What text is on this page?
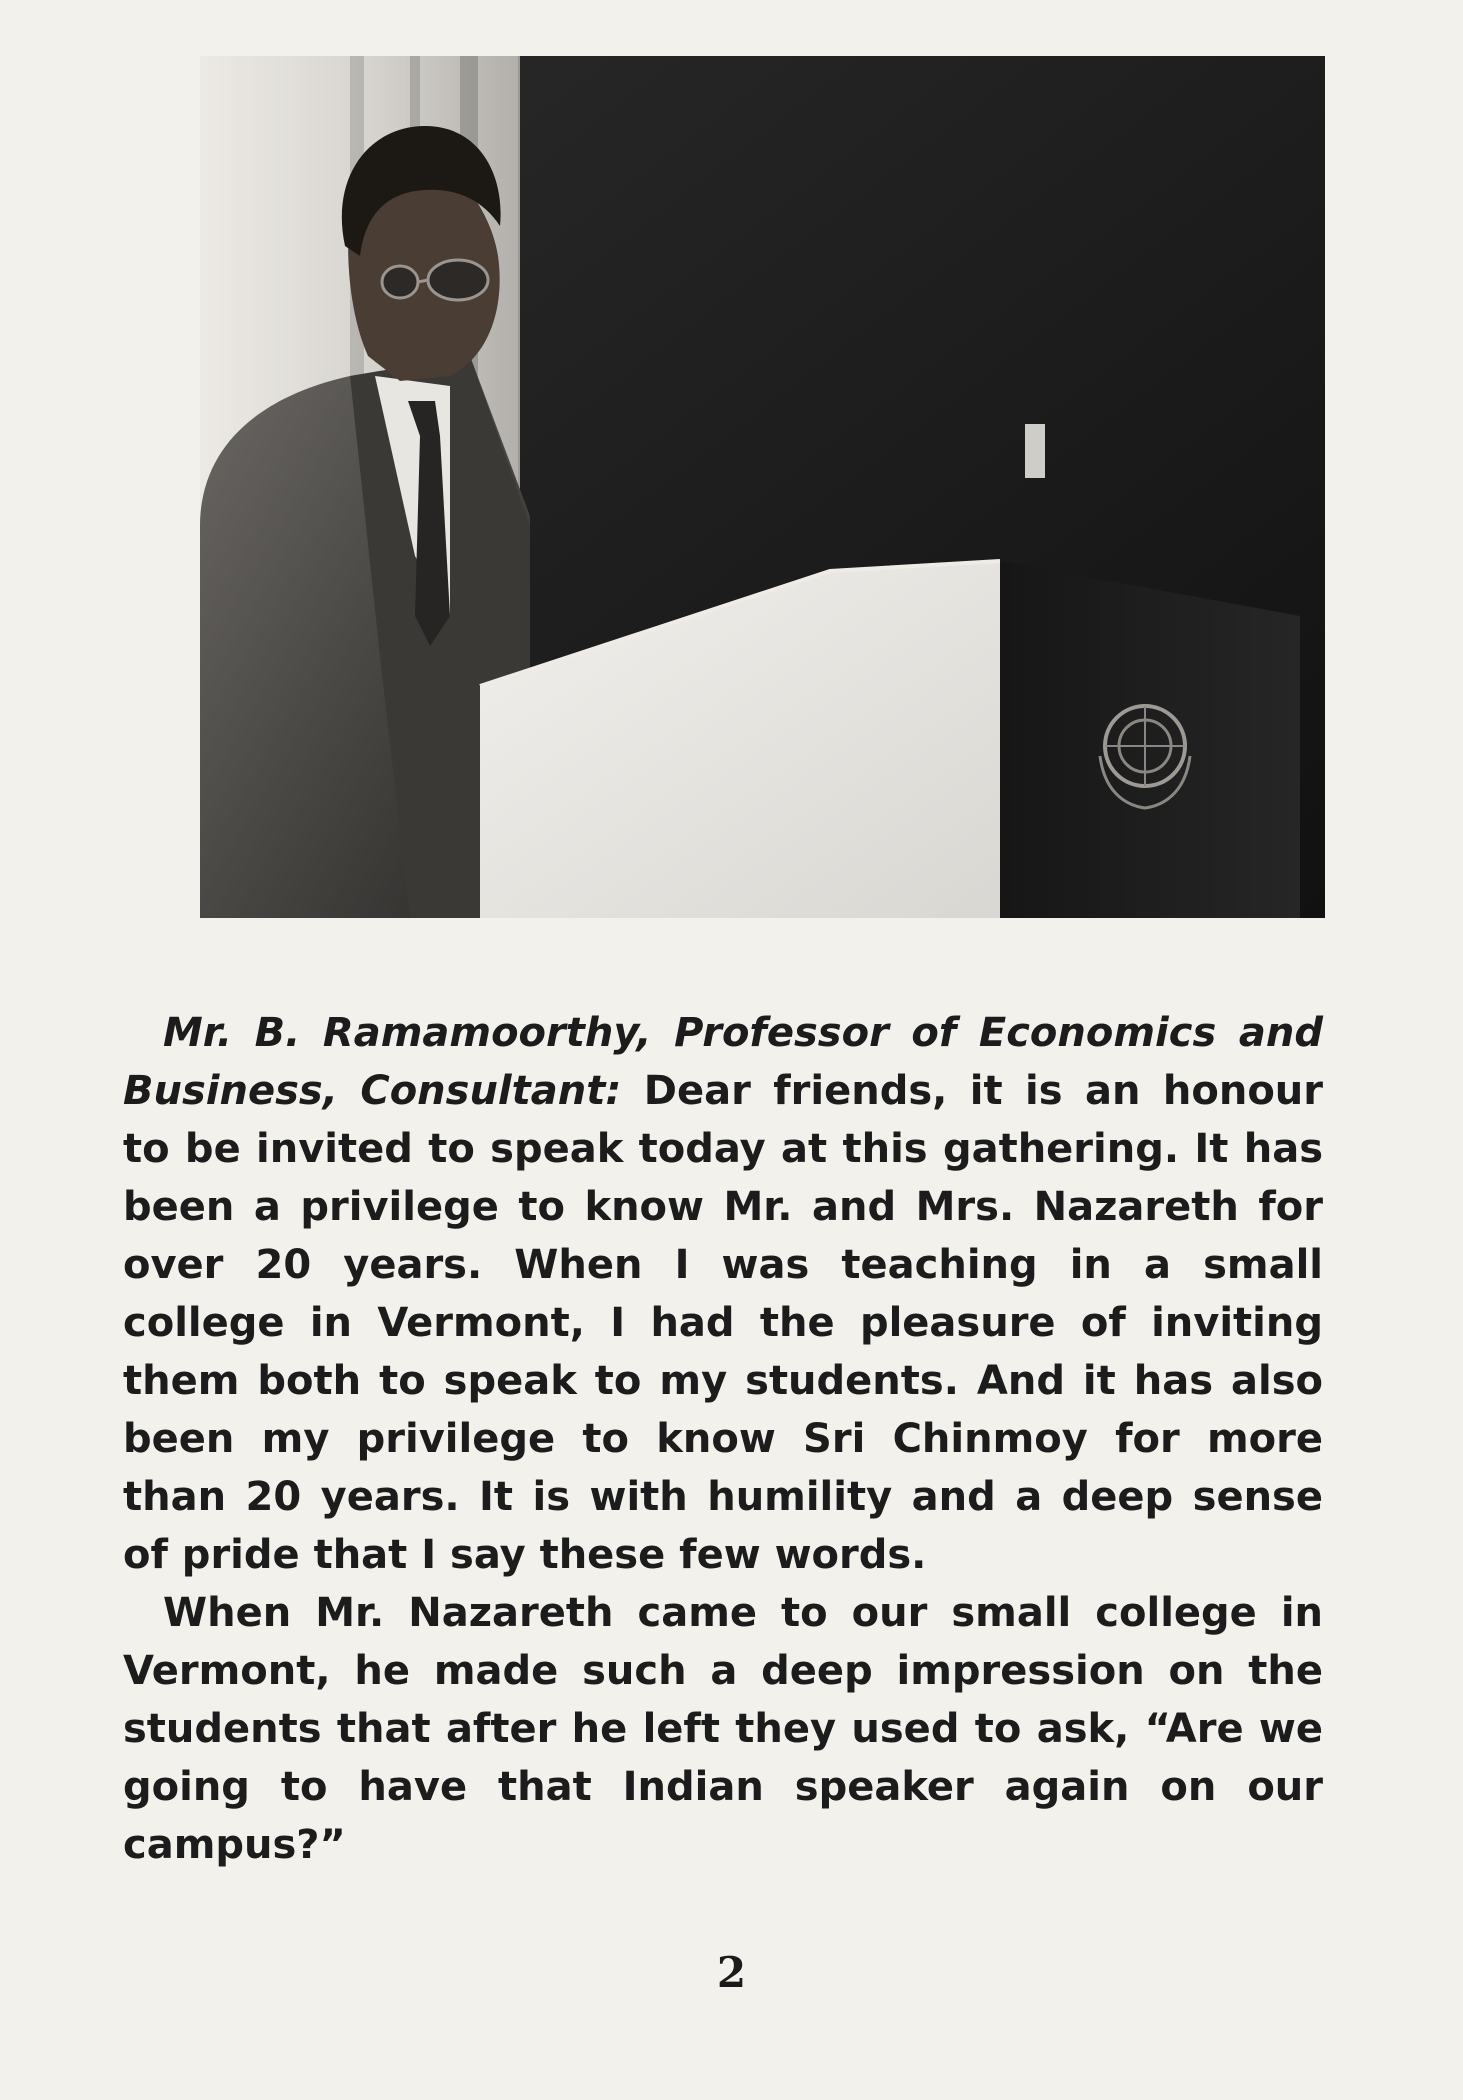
Mr. B. Ramamoorthy, Professor of Economics and Business, Consultant: Dear friends, it is an honour to be invited to speak today at this gathering. It has been a privilege to know Mr. and Mrs. Nazareth for over 20 years. When I was teaching in a small college in Vermont, I had the pleasure of inviting them both to speak to my students. And it has also been my privilege to know Sri Chinmoy for more than 20 years. It is with humility and a deep sense of pride that I say these few words.

When Mr. Nazareth came to our small college in Vermont, he made such a deep impression on the students that after he left they used to ask, “Are we going to have that Indian speaker again on our campus?”

2
